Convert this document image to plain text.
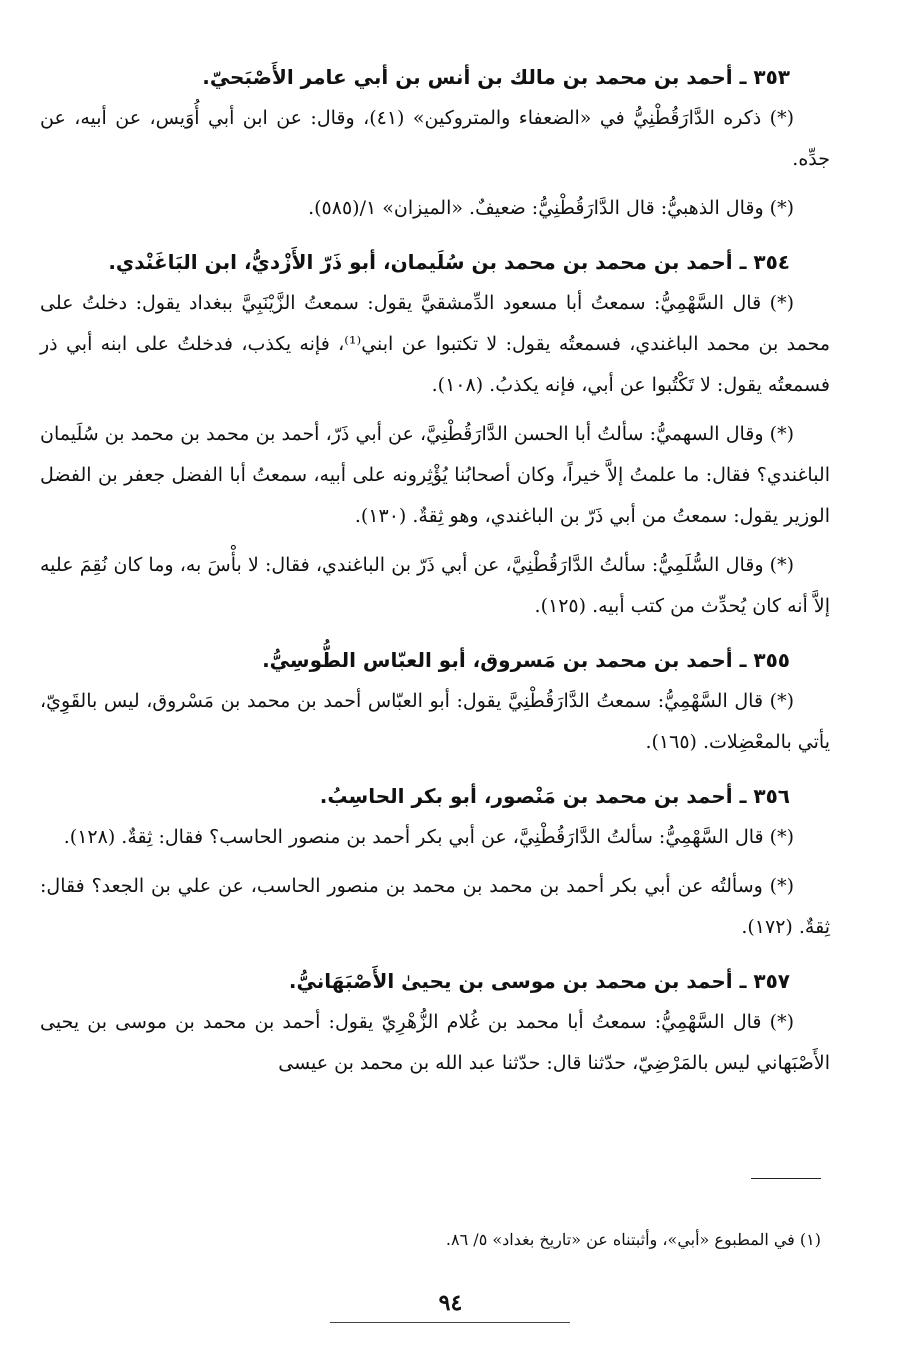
٣٥٣ ـ أحمد بن محمد بن مالك بن أنس بن أبي عامر الأَصْبَحيّ.

(*) ذكره الدَّارَقُطْنِيُّ في «الضعفاء والمتروكين» (٤١)، وقال: عن ابن أبي أُوَيس، عن أبيه، عن جدِّه.

(*) وقال الذهبيُّ: قال الدَّارَقُطْنِيُّ: ضعيفٌ. «الميزان» ١/(٥٨٥).

٣٥٤ ـ أحمد بن محمد بن محمد بن سُلَيمان، أبو ذَرّ الأَزْديُّ، ابن البَاغَنْدي.

(*) قال السَّهْمِيُّ: سمعتُ أبا مسعود الدِّمشقيَّ يقول: سمعتُ الزَّيْنَبِيَّ ببغداد يقول: دخلتُ على محمد بن محمد الباغندي، فسمعتُه يقول: لا تكتبوا عن ابني⁽¹⁾، فإنه يكذب، فدخلتُ على ابنه أبي ذر فسمعتُه يقول: لا تَكْتُبوا عن أبي، فإنه يكذبُ. (١٠٨).

(*) وقال السهميُّ: سألتُ أبا الحسن الدَّارَقُطْنِيَّ، عن أبي ذَرّ، أحمد بن محمد بن محمد بن سُلَيمان الباغندي؟ فقال: ما علمتُ إلاَّ خيراً، وكان أصحابُنا يُؤْثِرونه على أبيه، سمعتُ أبا الفضل جعفر بن الفضل الوزير يقول: سمعتُ من أبي ذَرّ بن الباغندي، وهو ثِقةٌ. (١٣٠).

(*) وقال السُّلَمِيُّ: سألتُ الدَّارَقُطْنِيَّ، عن أبي ذَرّ بن الباغندي، فقال: لا بأْسَ به، وما كان نُقِمَ عليه إلاَّ أنه كان يُحدِّث من كتب أبيه. (١٢٥).

٣٥٥ ـ أحمد بن محمد بن مَسروق، أبو العبّاس الطُّوسِيُّ.

(*) قال السَّهْمِيُّ: سمعتُ الدَّارَقُطْنِيَّ يقول: أبو العبّاس أحمد بن محمد بن مَسْروق، ليس بالقَوِيّ، يأتي بالمعْضِلات. (١٦٥).

٣٥٦ ـ أحمد بن محمد بن مَنْصور، أبو بكر الحاسِبُ.

(*) قال السَّهْمِيُّ: سألتُ الدَّارَقُطْنِيَّ، عن أبي بكر أحمد بن منصور الحاسب؟ فقال: ثِقةٌ. (١٢٨).

(*) وسألتُه عن أبي بكر أحمد بن محمد بن محمد بن منصور الحاسب، عن علي بن الجعد؟ فقال: ثِقةٌ. (١٧٢).

٣٥٧ ـ أحمد بن محمد بن موسى بن يحيىٰ الأَصْبَهَانيُّ.

(*) قال السَّهْمِيُّ: سمعتُ أبا محمد بن غُلام الزُّهْرِيّ يقول: أحمد بن محمد بن موسى بن يحيى الأَصْبَهاني ليس بالمَرْضِيّ، حدّثنا قال: حدّثنا عبد الله بن محمد بن عيسى

(١) في المطبوع «أبي»، وأثبتناه عن «تاريخ بغداد» ٥/ ٨٦.
٩٤
